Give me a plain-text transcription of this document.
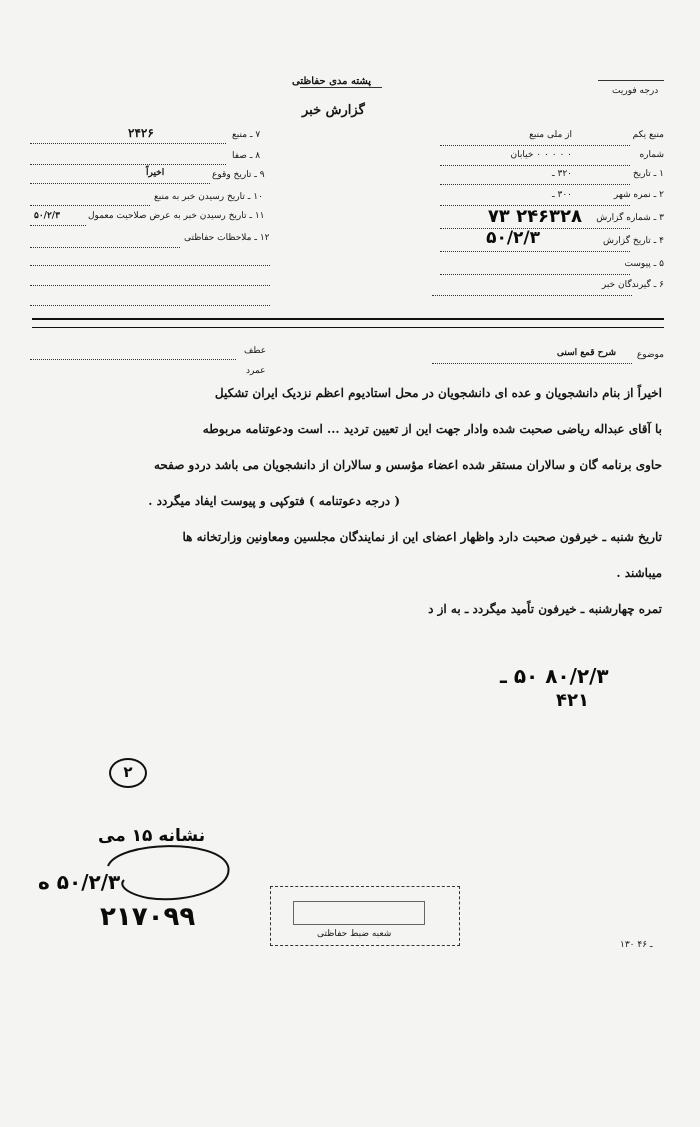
پشته مدی حفاظتی
گزارش خبر
درجه فوریت
منبع یکم
از ملی منبع
شماره
۰ ۰ ۰ ۰ ۰ خیابان
۱ ـ تاریخ
۳۲۰ ـ
۲ ـ نمره شهر
۳۰۰ ـ
۳ ـ شماره گزارش
۲۴۶۳۲۸ ۷۳
۴ ـ تاریخ گزارش
۵۰/۲/۳
۵ ـ پیوست
۶ ـ گیرندگان خبر
۷ ـ منبع
۲۴۲۶
۸ ـ صفا
۹ ـ تاریخ وقوع
اخیراً
۱۰ ـ تاریخ رسیدن خبر به منبع
۱۱ ـ تاریخ رسیدن خبر به عرض صلاحیت معمول
۵۰/۲/۳
۱۲ ـ ملاحظات حفاظتی
موضوع
شرح قمع اسنی
عطف
عمرد
اخیراً از بنام دانشجویان و عده ای دانشجویان در محل استادیوم اعظم نزدیک ایران تشکیل
با آقای عبداله ریاضی صحبت شده وادار جهت این از تعیین تردید ... است ودعوتنامه مربوطه
حاوی برنامه گان و سالاران مستقر شده اعضاء مؤسس و سالاران از دانشجویان می باشد دردو صفحه
( درجه دعوتنامه ) فتوکپی و پیوست ایفاد میگردد .
تاریخ شنبه ـ خیرفون صحبت دارد واظهار اعضای این از نمایندگان مجلسین ومعاونین وزارتخانه ها
میباشند .
تمره چهارشنبه ـ خیرفون تاًمید میگردد ـ به از د
۸۰/۲/۳ ۵۰ ـ
۴۲۱
۲
نشانه ۱۵ می
۵۰/۲/۳ ه
۲۱۷۰۹۹
شعبه ضبط حفاظتی
۱۳۰ ـ ۴۶
